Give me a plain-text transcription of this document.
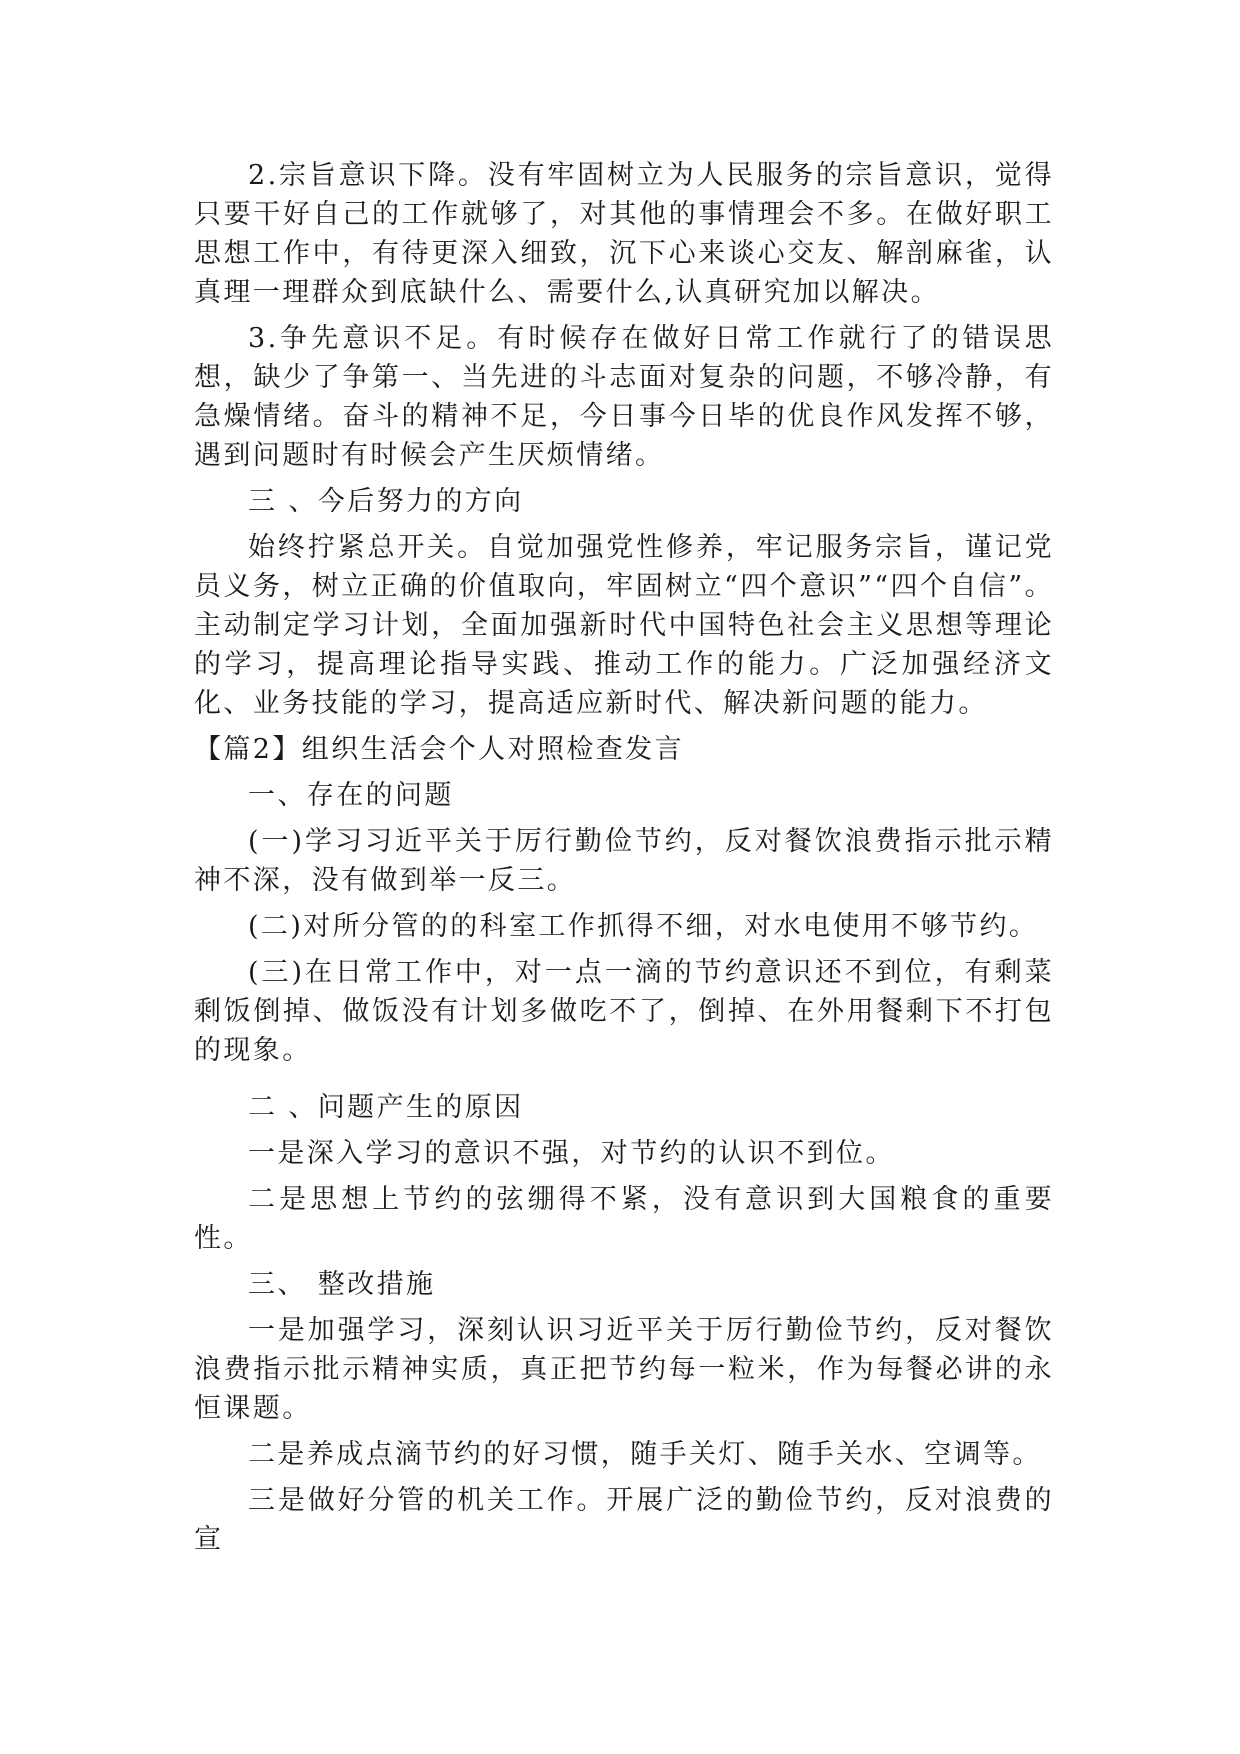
2.宗旨意识下降。没有牢固树立为人民服务的宗旨意识，觉得只要干好自己的工作就够了，对其他的事情理会不多。在做好职工思想工作中，有待更深入细致，沉下心来谈心交友、解剖麻雀，认真理一理群众到底缺什么、需要什么,认真研究加以解决。

3.争先意识不足。有时候存在做好日常工作就行了的错误思想，缺少了争第一、当先进的斗志面对复杂的问题，不够冷静，有急燥情绪。奋斗的精神不足，今日事今日毕的优良作风发挥不够，遇到问题时有时候会产生厌烦情绪。

三 、今后努力的方向

始终拧紧总开关。自觉加强党性修养，牢记服务宗旨，谨记党员义务，树立正确的价值取向，牢固树立“四个意识”“四个自信”。主动制定学习计划，全面加强新时代中国特色社会主义思想等理论的学习，提高理论指导实践、推动工作的能力。广泛加强经济文化、业务技能的学习，提高适应新时代、解决新问题的能力。

【篇2】组织生活会个人对照检查发言

一、存在的问题

(一)学习习近平关于厉行勤俭节约，反对餐饮浪费指示批示精神不深，没有做到举一反三。

(二)对所分管的的科室工作抓得不细，对水电使用不够节约。

(三)在日常工作中，对一点一滴的节约意识还不到位，有剩菜剩饭倒掉、做饭没有计划多做吃不了，倒掉、在外用餐剩下不打包的现象。

二 、问题产生的原因

一是深入学习的意识不强，对节约的认识不到位。

二是思想上节约的弦绷得不紧，没有意识到大国粮食的重要性。

三、 整改措施

一是加强学习，深刻认识习近平关于厉行勤俭节约，反对餐饮浪费指示批示精神实质，真正把节约每一粒米，作为每餐必讲的永恒课题。

二是养成点滴节约的好习惯，随手关灯、随手关水、空调等。

三是做好分管的机关工作。开展广泛的勤俭节约，反对浪费的宣
